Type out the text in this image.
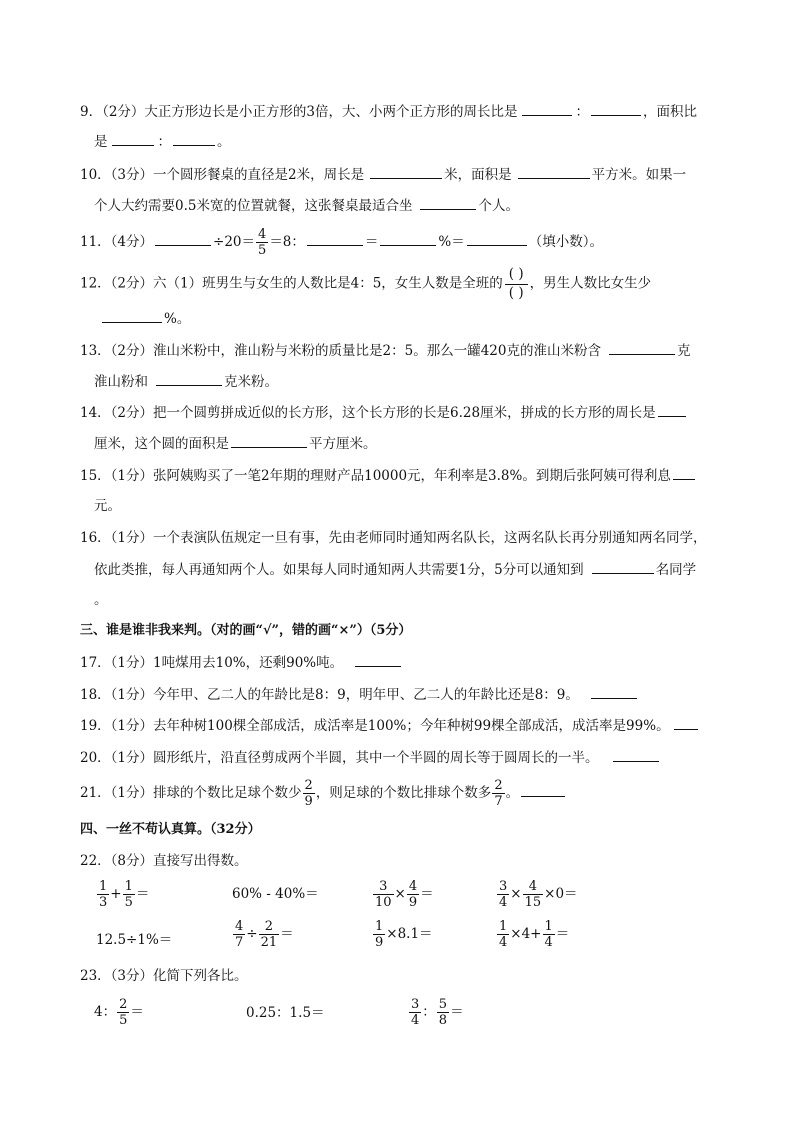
9．（2分）大正方形边长是小正方形的3倍，大、小两个正方形的周长比是	：	，面积比
是	：	。
10．（3分）一个圆形餐桌的直径是2米，周长是	米，面积是	平方米。如果一
个人大约需要0.5米宽的位置就餐，这张餐桌最适合坐	个人。
11．（4分）	$\div 20= \frac{4}{5} =8$：	＝	%＝	（填小数）。
12．（2分）六（1）班男生与女生的人数比是4：5，女生人数是全班的
( )
( )
，男生人数比女生少
%。
13．（2分）淮山米粉中，淮山粉与米粉的质量比是2：5。那么一罐420克的淮山米粉含	克
淮山粉和	克米粉。
14．（2分）把一个圆剪拼成近似的长方形，这个长方形的长是6.28厘米，拼成的长方形的周长是
厘米，这个圆的面积是	平方厘米。
15．（1分）张阿姨购买了一笔2年期的理财产品10000元，年利率是3.8%。到期后张阿姨可得利息
元。
16．（1分）一个表演队伍规定一旦有事，先由老师同时通知两名队长，这两名队长再分别通知两名同学，
依此类推，每人再通知两个人。如果每人同时通知两人共需要1分，5分可以通知到	名同学
。
三、谁是谁非我来判。（对的画“√”，错的画“×”）（5分）
17．（1分）1吨煤用去10%，还剩90%吨。
18．（1分）今年甲、乙二人的年龄比是8：9，明年甲、乙二人的年龄比还是8：9。
19．（1分）去年种树100棵全部成活，成活率是100%；今年种树99棵全部成活，成活率是99%。
20．（1分）圆形纸片，沿直径剪成两个半圆，其中一个半圆的周长等于圆周长的一半。
21．（1分）排球的个数比足球个数少 $\frac{2}{9}$ ，则足球的个数比排球个数多 $\frac{2}{7}$ 。
四、一丝不苟认真算。（32分）
22．（8分）直接写出得数。
$\frac{1}{3} + \frac{1}{5}$ ＝	60% - 40%＝	$\frac{3}{10} \times \frac{4}{9}$ ＝	$\frac{3}{4} \times \frac{4}{15} \times 0=$
12.5÷1%＝	$\frac{4}{7} \div \frac{2}{21}$ ＝	$\frac{1}{9} \times 8.1=$	$\frac{1}{4} \times 4+ \frac{1}{4}$ ＝
23．（3分）化简下列各比。
4： $\frac{2}{5}$ ＝	0.25：1.5＝	$\frac{3}{4}$ ： $\frac{5}{8}$ ＝
